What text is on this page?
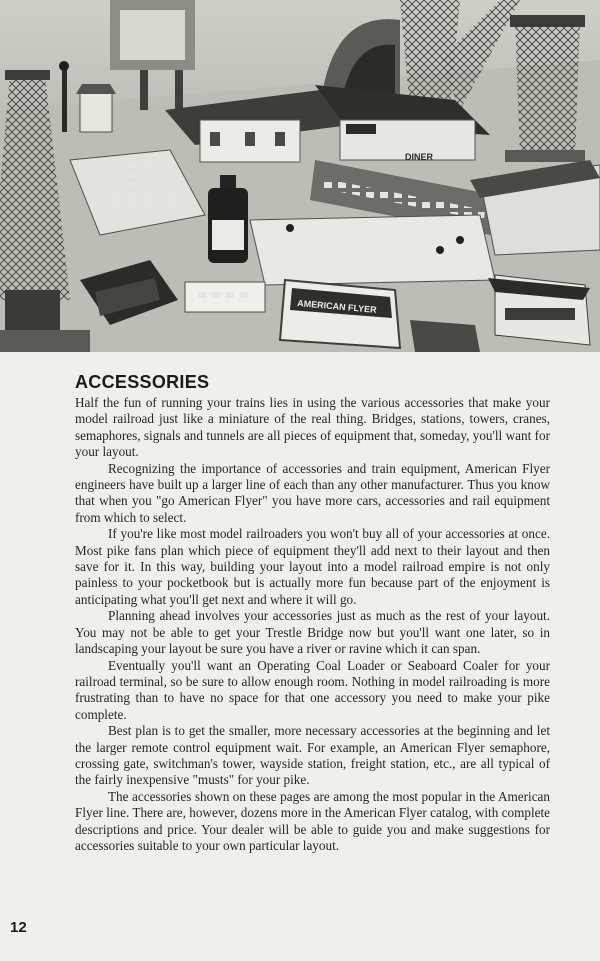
DINER
AMERICAN FLYER
ACCESSORIES

Half the fun of running your trains lies in using the various accessories that make your model railroad just like a miniature of the real thing. Bridges, stations, towers, cranes, semaphores, signals and tunnels are all pieces of equipment that, someday, you'll want for your layout.

Recognizing the importance of accessories and train equipment, American Flyer engineers have built up a larger line of each than any other manufacturer. Thus you know that when you "go American Flyer" you have more cars, accessories and rail equipment from which to select.

If you're like most model railroaders you won't buy all of your accessories at once. Most pike fans plan which piece of equipment they'll add next to their layout and then save for it. In this way, building your layout into a model railroad empire is not only painless to your pocketbook but is actually more fun because part of the enjoyment is anticipating what you'll get next and where it will go.

Planning ahead involves your accessories just as much as the rest of your layout. You may not be able to get your Trestle Bridge now but you'll want one later, so in landscaping your layout be sure you have a river or ravine which it can span.

Eventually you'll want an Operating Coal Loader or Seaboard Coaler for your railroad terminal, so be sure to allow enough room. Nothing in model railroading is more frustrating than to have no space for that one accessory you need to make your pike complete.

Best plan is to get the smaller, more necessary accessories at the beginning and let the larger remote control equipment wait. For example, an American Flyer semaphore, crossing gate, switchman's tower, wayside station, freight station, etc., are all typical of the fairly inexpensive "musts" for your pike.

The accessories shown on these pages are among the most popular in the American Flyer line. There are, however, dozens more in the American Flyer catalog, with complete descriptions and price. Your dealer will be able to guide you and make suggestions for accessories suitable to your own particular layout.

12
